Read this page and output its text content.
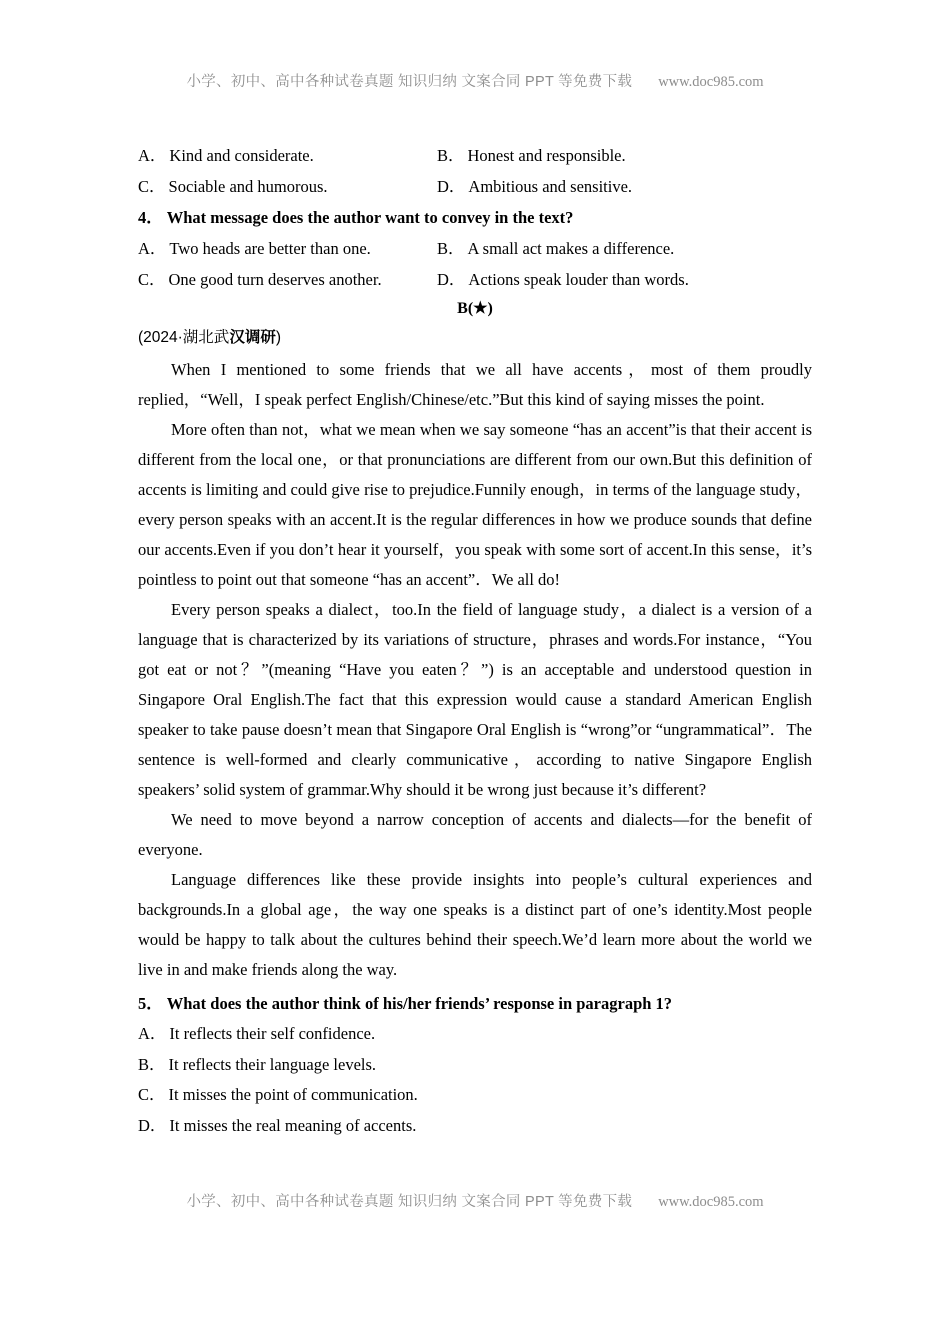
小学、初中、高中各种试卷真题 知识归纳 文案合同 PPT 等免费下载 www.doc985.com
A． Kind and considerate.	B． Honest and responsible.
C． Sociable and humorous.	D． Ambitious and sensitive.
4． What message does the author want to convey in the text?
A． Two heads are better than one.	B． A small act makes a difference.
C． One good turn deserves another.	D． Actions speak louder than words.
B(★)
(2024·湖北武汉调研)

When I mentioned to some friends that we all have accents，most of them proudly replied，“Well，I speak perfect English/Chinese/etc.”But this kind of saying misses the point.

More often than not，what we mean when we say someone “has an accent”is that their accent is different from the local one，or that pronunciations are different from our own.But this definition of accents is limiting and could give rise to prejudice.Funnily enough，in terms of the language study，every person speaks with an accent.It is the regular differences in how we produce sounds that define our accents.Even if you don’t hear it yourself，you speak with some sort of accent.In this sense，it’s pointless to point out that someone “has an accent”．We all do!

Every person speaks a dialect，too.In the field of language study，a dialect is a version of a language that is characterized by its variations of structure，phrases and words.For instance，“You got eat or not？”(meaning “Have you eaten？”) is an acceptable and understood question in Singapore Oral English.The fact that this expression would cause a standard American English speaker to take pause doesn’t mean that Singapore Oral English is “wrong”or “ungrammatical”．The sentence is well-formed and clearly communicative，according to native Singapore English speakers’ solid system of grammar.Why should it be wrong just because it’s different?

We need to move beyond a narrow conception of accents and dialects—for the benefit of everyone.

Language differences like these provide insights into people’s cultural experiences and backgrounds.In a global age，the way one speaks is a distinct part of one’s identity.Most people would be happy to talk about the cultures behind their speech.We’d learn more about the world we live in and make friends along the way.

5． What does the author think of his/her friends’ response in paragraph 1?
A． It reflects their self confidence.
B． It reflects their language levels.
C． It misses the point of communication.
D． It misses the real meaning of accents.
小学、初中、高中各种试卷真题 知识归纳 文案合同 PPT 等免费下载 www.doc985.com
